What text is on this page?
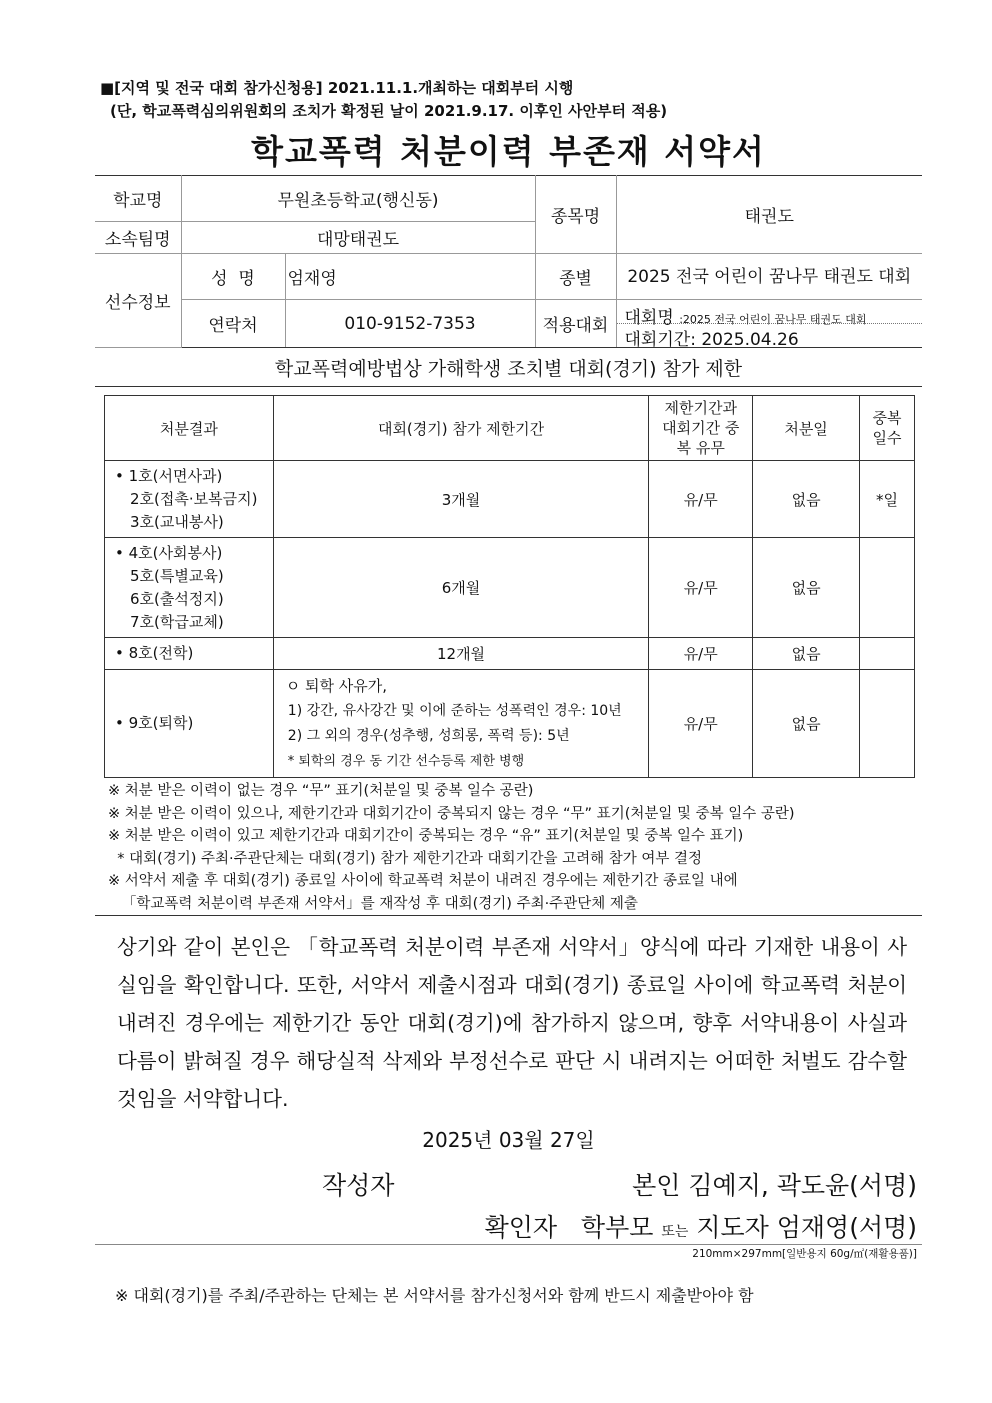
■[지역 및 전국 대회 참가신청용] 2021.11.1.개최하는 대회부터 시행
(단, 학교폭력심의위원회의 조치가 확정된 날이 2021.9.17. 이후인 사안부터 적용)
학교폭력 처분이력 부존재 서약서
학교명	무원초등학교(행신동)		종목명	태권도
소속팀명	대망태권도			
선수정보	성  명	엄재영	종별	2025 전국 어린이 꿈나무 태권도 대회
	연락처	010-9152-7353	적용대회	대회명 :2025 전국 어린이 꿈나무 태권도 대회
대회기간: 2025.04.26
학교폭력예방법상 가해학생 조치별 대회(경기) 참가 제한
처분결과	대회(경기) 참가 제한기간	제한기간과 대회기간 중복 유무	처분일	중복 일수

• 1호(서면사과)
2호(접촉·보복금지)
3호(교내봉사)	3개월	유/무	없음	*일

• 4호(사회봉사)
5호(특별교육)
6호(출석정지)
7호(학급교체)	6개월	유/무	없음	
• 8호(전학)	12개월	유/무	없음	
• 9호(퇴학)	ㅇ 퇴학 사유가,
1) 강간, 유사강간 및 이에 준하는 성폭력인 경우: 10년
2) 그 외의 경우(성추행, 성희롱, 폭력 등): 5년
* 퇴학의 경우 동 기간 선수등록 제한 병행	유/무	없음	
※ 처분 받은 이력이 없는 경우 “무” 표기(처분일 및 중복 일수 공란)
※ 처분 받은 이력이 있으나, 제한기간과 대회기간이 중복되지 않는 경우 “무” 표기(처분일 및 중복 일수 공란)
※ 처분 받은 이력이 있고 제한기간과 대회기간이 중복되는 경우 “유” 표기(처분일 및 중복 일수 표기)
* 대회(경기) 주최·주관단체는 대회(경기) 참가 제한기간과 대회기간을 고려해 참가 여부 결정
※ 서약서 제출 후 대회(경기) 종료일 사이에 학교폭력 처분이 내려진 경우에는 제한기간 종료일 내에
「학교폭력 처분이력 부존재 서약서」를 재작성 후 대회(경기) 주최·주관단체 제출
상기와 같이 본인은 「학교폭력 처분이력 부존재 서약서」양식에 따라 기재한 내용이 사실임을 확인합니다. 또한, 서약서 제출시점과 대회(경기) 종료일 사이에 학교폭력 처분이 내려진 경우에는 제한기간 동안 대회(경기)에 참가하지 않으며, 향후 서약내용이 사실과 다름이 밝혀질 경우 해당실적 삭제와 부정선수로 판단 시 내려지는 어떠한 처벌도 감수할 것임을 서약합니다.
2025년 03월 27일
작성자	본인 김예지, 곽도윤(서명)
확인자 학부모 또는 지도자 엄재영(서명)
210mm×297mm[일반용지 60g/㎡(재활용품)]
※ 대회(경기)를 주최/주관하는 단체는 본 서약서를 참가신청서와 함께 반드시 제출받아야 함
